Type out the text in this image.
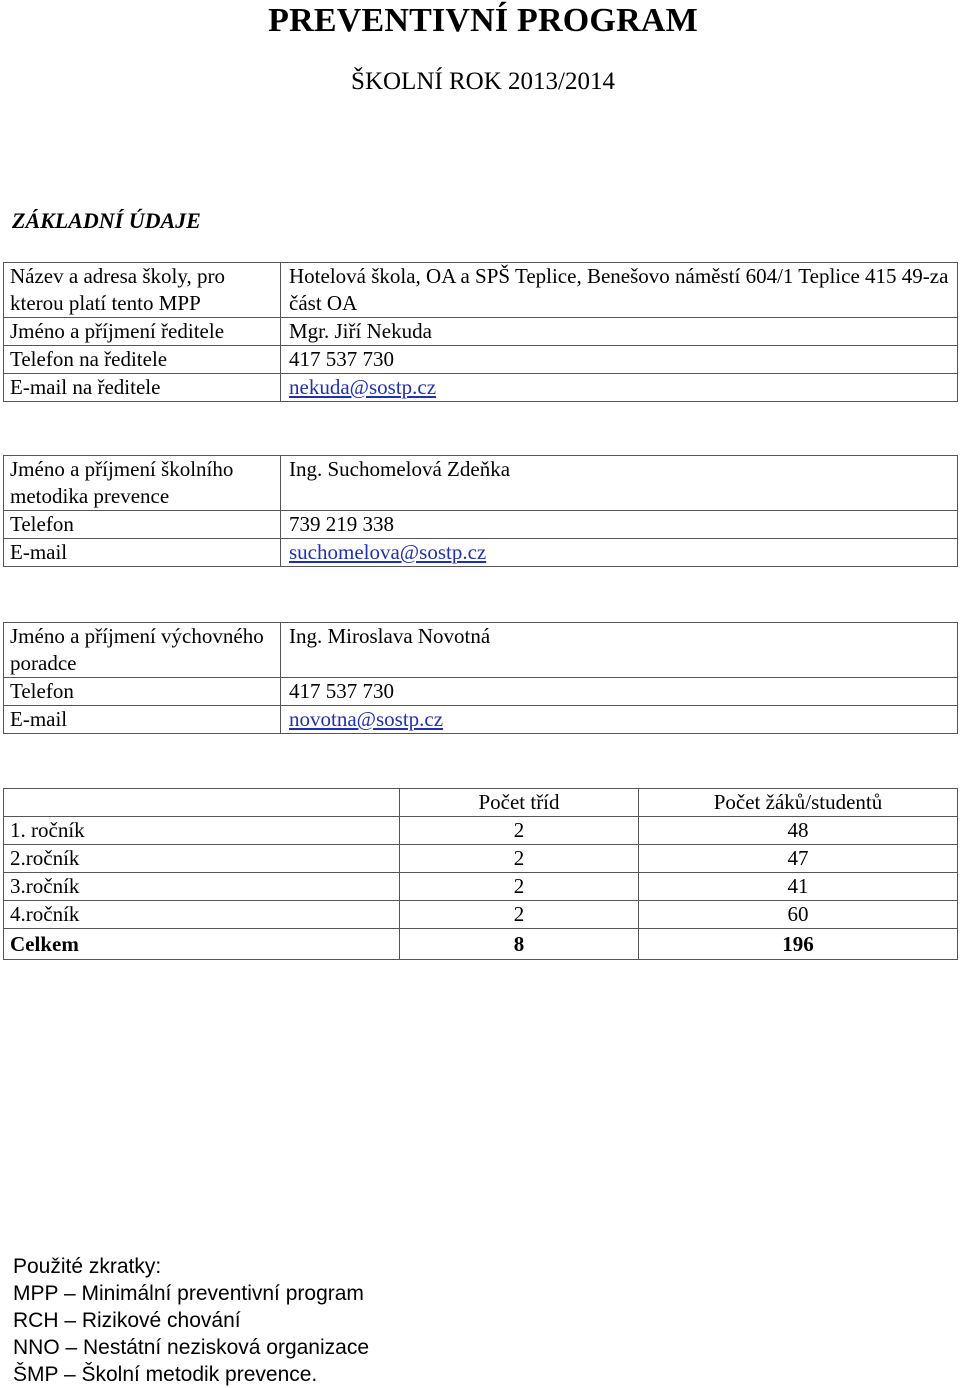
PREVENTIVNÍ PROGRAM
ŠKOLNÍ ROK 2013/2014
ZÁKLADNÍ ÚDAJE
Název a adresa školy, pro kterou platí tento MPP	Hotelová škola, OA a SPŠ Teplice, Benešovo náměstí 604/1 Teplice 415 49-za část OA
Jméno a příjmení ředitele	Mgr. Jiří Nekuda
Telefon na ředitele	417 537 730
E-mail na ředitele	nekuda@sostp.cz
Jméno a příjmení školního metodika prevence	Ing. Suchomelová Zdeňka
Telefon	739 219 338
E-mail	suchomelova@sostp.cz
Jméno a příjmení výchovného poradce	Ing. Miroslava Novotná
Telefon	417 537 730
E-mail	novotna@sostp.cz
	Počet tříd	Počet žáků/studentů
1. ročník	2	48
2.ročník	2	47
3.ročník	2	41
4.ročník	2	60
Celkem	8	196
Použité zkratky:
MPP – Minimální preventivní program
RCH – Rizikové chování
NNO – Nestátní nezisková organizace
ŠMP – Školní metodik prevence.
